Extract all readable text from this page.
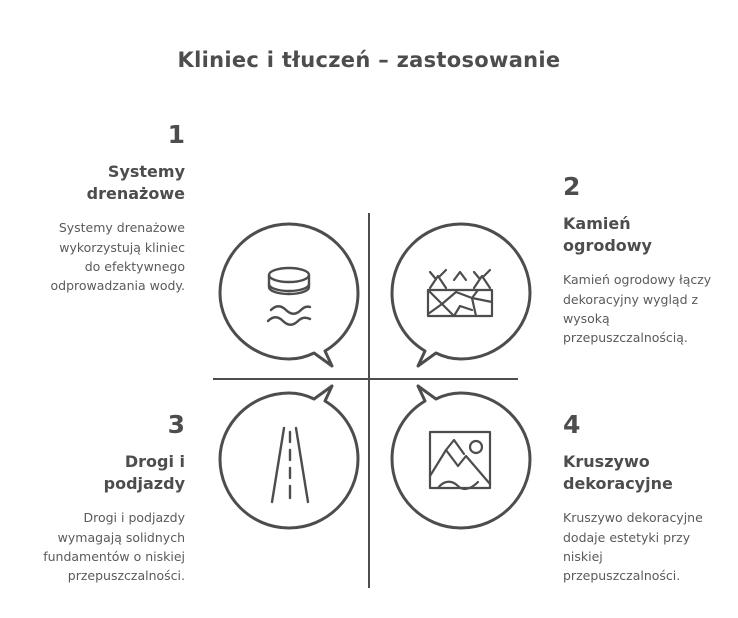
Kliniec i tłuczeń – zastosowanie
1
Systemy drenażowe
Systemy drenażowe wykorzystują kliniec do efektywnego odprowadzania wody.
2
Kamień ogrodowy
Kamień ogrodowy łączy dekoracyjny wygląd z wysoką przepuszczalnością.
3
Drogi i podjazdy
Drogi i podjazdy wymagają solidnych fundamentów o niskiej przepuszczalności.
4
Kruszywo dekoracyjne
Kruszywo dekoracyjne dodaje estetyki przy niskiej przepuszczalności.
